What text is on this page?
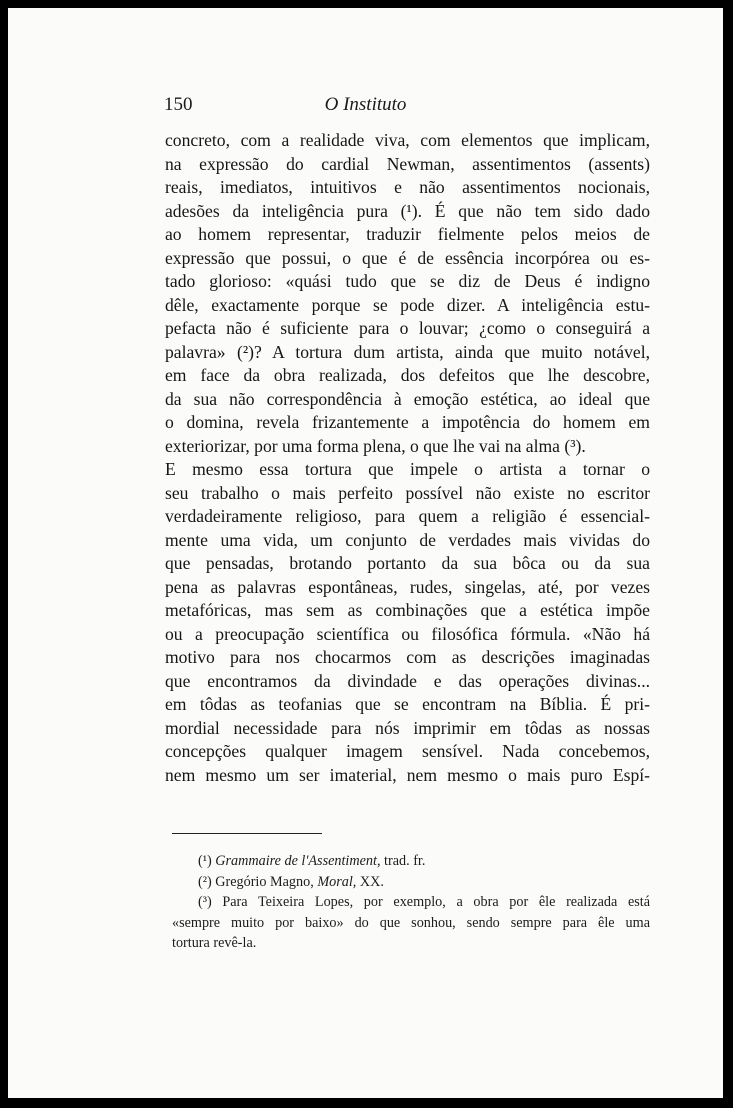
150	O Instituto
concreto, com a realidade viva, com elementos que implicam,
na expressão do cardial Newman, assentimentos (assents)
reais, imediatos, intuitivos e não assentimentos nocionais,
adesões da inteligência pura (¹). É que não tem sido dado
ao homem representar, traduzir fielmente pelos meios de
expressão que possui, o que é de essência incorpórea ou es-
tado glorioso: «quási tudo que se diz de Deus é indigno
dêle, exactamente porque se pode dizer. A inteligência estu-
pefacta não é suficiente para o louvar; ¿como o conseguirá a
palavra» (²)? A tortura dum artista, ainda que muito notável,
em face da obra realizada, dos defeitos que lhe descobre,
da sua não correspondência à emoção estética, ao ideal que
o domina, revela frizantemente a impotência do homem em
exteriorizar, por uma forma plena, o que lhe vai na alma (³).
E mesmo essa tortura que impele o artista a tornar o
seu trabalho o mais perfeito possível não existe no escritor
verdadeiramente religioso, para quem a religião é essencial-
mente uma vida, um conjunto de verdades mais vividas do
que pensadas, brotando portanto da sua bôca ou da sua
pena as palavras espontâneas, rudes, singelas, até, por vezes
metafóricas, mas sem as combinações que a estética impõe
ou a preocupação scientífica ou filosófica fórmula. «Não há
motivo para nos chocarmos com as descrições imaginadas
que encontramos da divindade e das operações divinas...
em tôdas as teofanias que se encontram na Bíblia. É pri-
mordial necessidade para nós imprimir em tôdas as nossas
concepções qualquer imagem sensível. Nada concebemos,
nem mesmo um ser imaterial, nem mesmo o mais puro Espí-
(¹) Grammaire de l'Assentiment, trad. fr.
(²) Gregório Magno, Moral, XX.
(³) Para Teixeira Lopes, por exemplo, a obra por êle realizada está
«sempre muito por baixo» do que sonhou, sendo sempre para êle uma
tortura revê-la.
